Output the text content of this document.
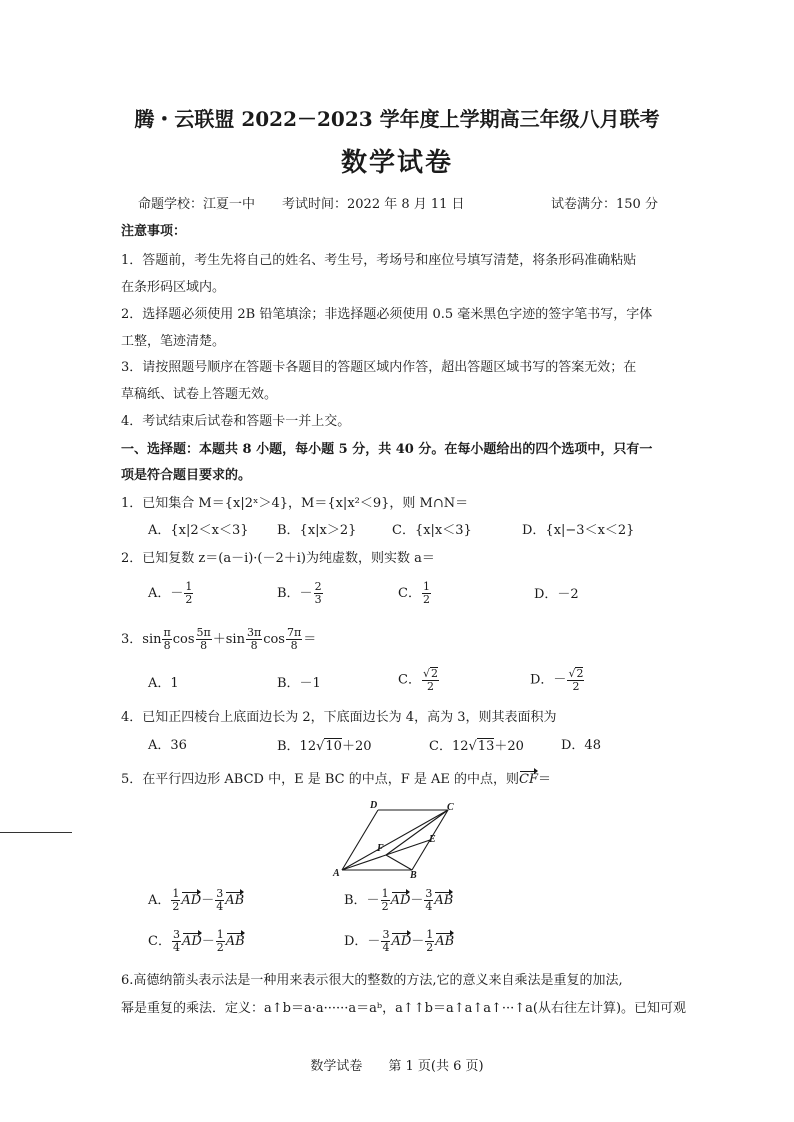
腾・云联盟 2022－2023 学年度上学期高三年级八月联考
数学试卷
命题学校：江夏一中 考试时间：2022 年 8 月 11 日	试卷满分：150 分
注意事项：
1．答题前，考生先将自己的姓名、考生号，考场号和座位号填写清楚，将条形码准确粘贴
在条形码区域内。
2．选择题必须使用 2B 铅笔填涂；非选择题必须使用 0.5 毫米黑色字迹的签字笔书写，字体
工整，笔迹清楚。
3．请按照题号顺序在答题卡各题目的答题区域内作答，超出答题区域书写的答案无效；在
草稿纸、试卷上答题无效。
4．考试结束后试卷和答题卡一并上交。
一、选择题：本题共 8 小题，每小题 5 分，共 40 分。在每小题给出的四个选项中，只有一
项是符合题目要求的。
1．已知集合 M＝{x|2ˣ＞4}，M＝{x|x²＜9}，则 M∩N＝
A．{x|2＜x＜3} B．{x|x＞2}	C．{x|x＜3}	D．{x|−3＜x＜2}
2．已知复数 z＝(a－i)·(－2＋i)为纯虚数，则实数 a＝
A．－ $\frac{1}{2}$	B．－ $\frac{2}{3}$	C． $\frac{1}{2}$	D．－2
3．$\sin \frac{\pi}{8}$ $\cos \frac{5\pi}{8} +\sin \frac{3\pi}{8}$ $\cos \frac{7\pi}{8}$ ＝
A．1	B．－1	C． $\frac{√2}{2}$	D．－ $\frac{√2}{2}$
4．已知正四棱台上底面边长为 2，下底面边长为 4，高为 3，则其表面积为
A．36	B．12√10＋20	C．12√13＋20	D．48
5．在平行四边形 ABCD 中，E 是 BC 的中点，F 是 AE 的中点，则CF＝
D	C
A	B
E
F
A． $\frac{1}{2} AD- \frac{3}{4}$ AB	B．－ $\frac{1}{2} AD- \frac{3}{4}$ AB
C． $\frac{3}{4} AD- \frac{1}{2}$ AB	D．－ $\frac{3}{4} AD- \frac{1}{2}$ AB
6.高德纳箭头表示法是一种用来表示很大的整数的方法,它的意义来自乘法是重复的加法,
幂是重复的乘法．定义：a↑b＝a·a······a＝aᵇ，a↑↑b＝a↑a↑a↑···↑a(从右往左计算)。已知可观
数学试卷　　第 1 页(共 6 页)
